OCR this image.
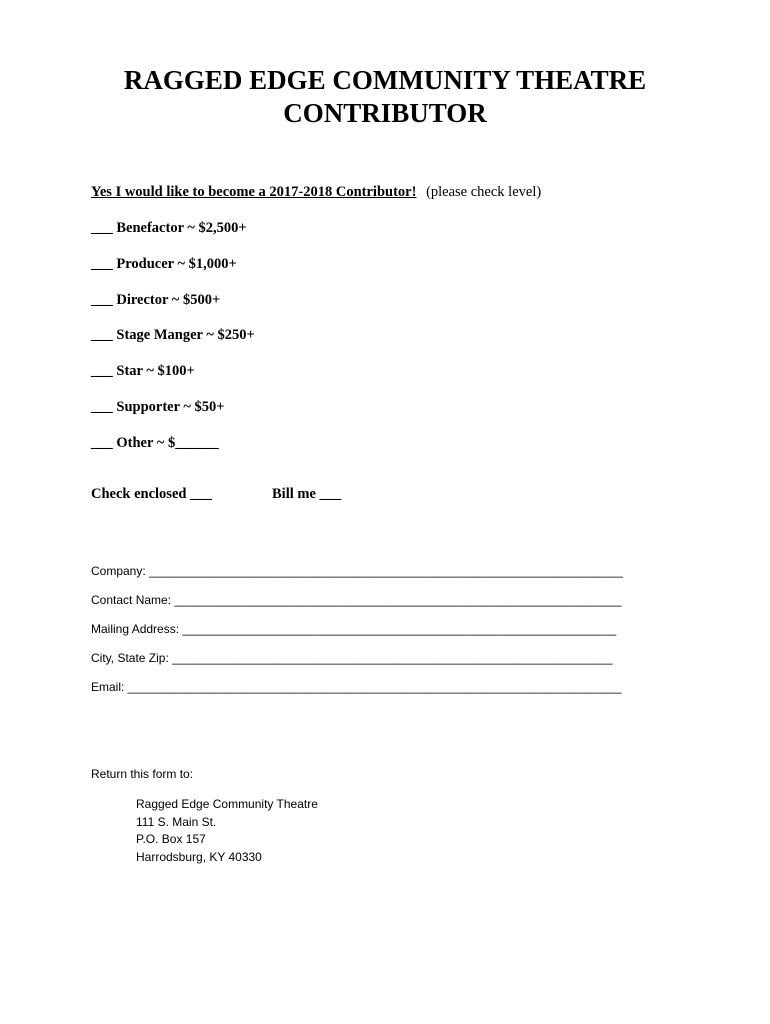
RAGGED EDGE COMMUNITY THEATRE
CONTRIBUTOR
Yes I would like to become a 2017-2018 Contributor! (please check level)
___ Benefactor ~ $2,500+
___ Producer ~ $1,000+
___ Director ~ $500+
___ Stage Manger ~ $250+
___ Star ~ $100+
___ Supporter ~ $50+
___ Other ~ $______
Check enclosed ___	Bill me ___
Company: _______________________________________________________________________
Contact Name: ___________________________________________________________________
Mailing Address: _________________________________________________________________
City, State Zip: __________________________________________________________________
Email: __________________________________________________________________________
Return this form to:
Ragged Edge Community Theatre
111 S. Main St.
P.O. Box 157
Harrodsburg, KY 40330
